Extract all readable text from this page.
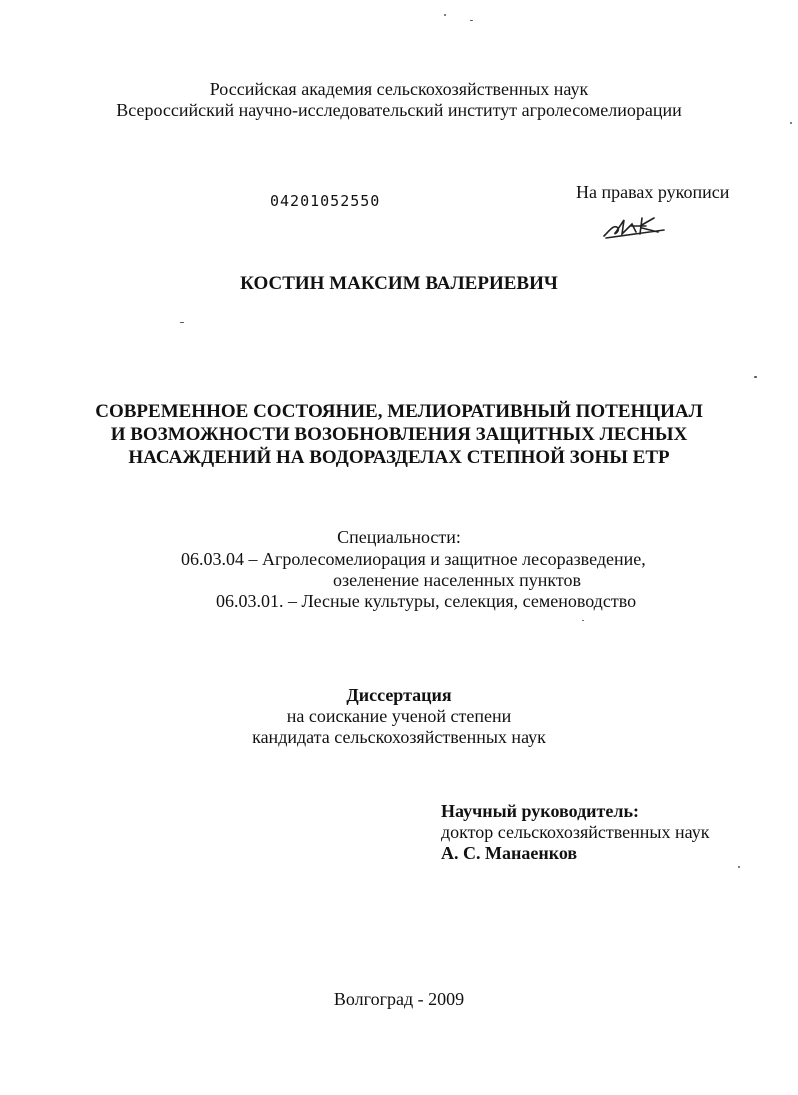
Российская академия сельскохозяйственных наук
Всероссийский научно-исследовательский институт агролесомелиорации
04201052550	На правах рукописи
КОСТИН МАКСИМ ВАЛЕРИЕВИЧ
СОВРЕМЕННОЕ СОСТОЯНИЕ, МЕЛИОРАТИВНЫЙ ПОТЕНЦИАЛ
И ВОЗМОЖНОСТИ ВОЗОБНОВЛЕНИЯ ЗАЩИТНЫХ ЛЕСНЫХ
НАСАЖДЕНИЙ НА ВОДОРАЗДЕЛАХ СТЕПНОЙ ЗОНЫ ЕТР
Специальности:
06.03.04 – Агролесомелиорация и защитное лесоразведение,
озеленение населенных пунктов
06.03.01. – Лесные культуры, селекция, семеноводство
Диссертация
на соискание ученой степени
кандидата сельскохозяйственных наук
Научный руководитель:
доктор сельскохозяйственных наук
А. С. Манаенков
Волгоград - 2009
